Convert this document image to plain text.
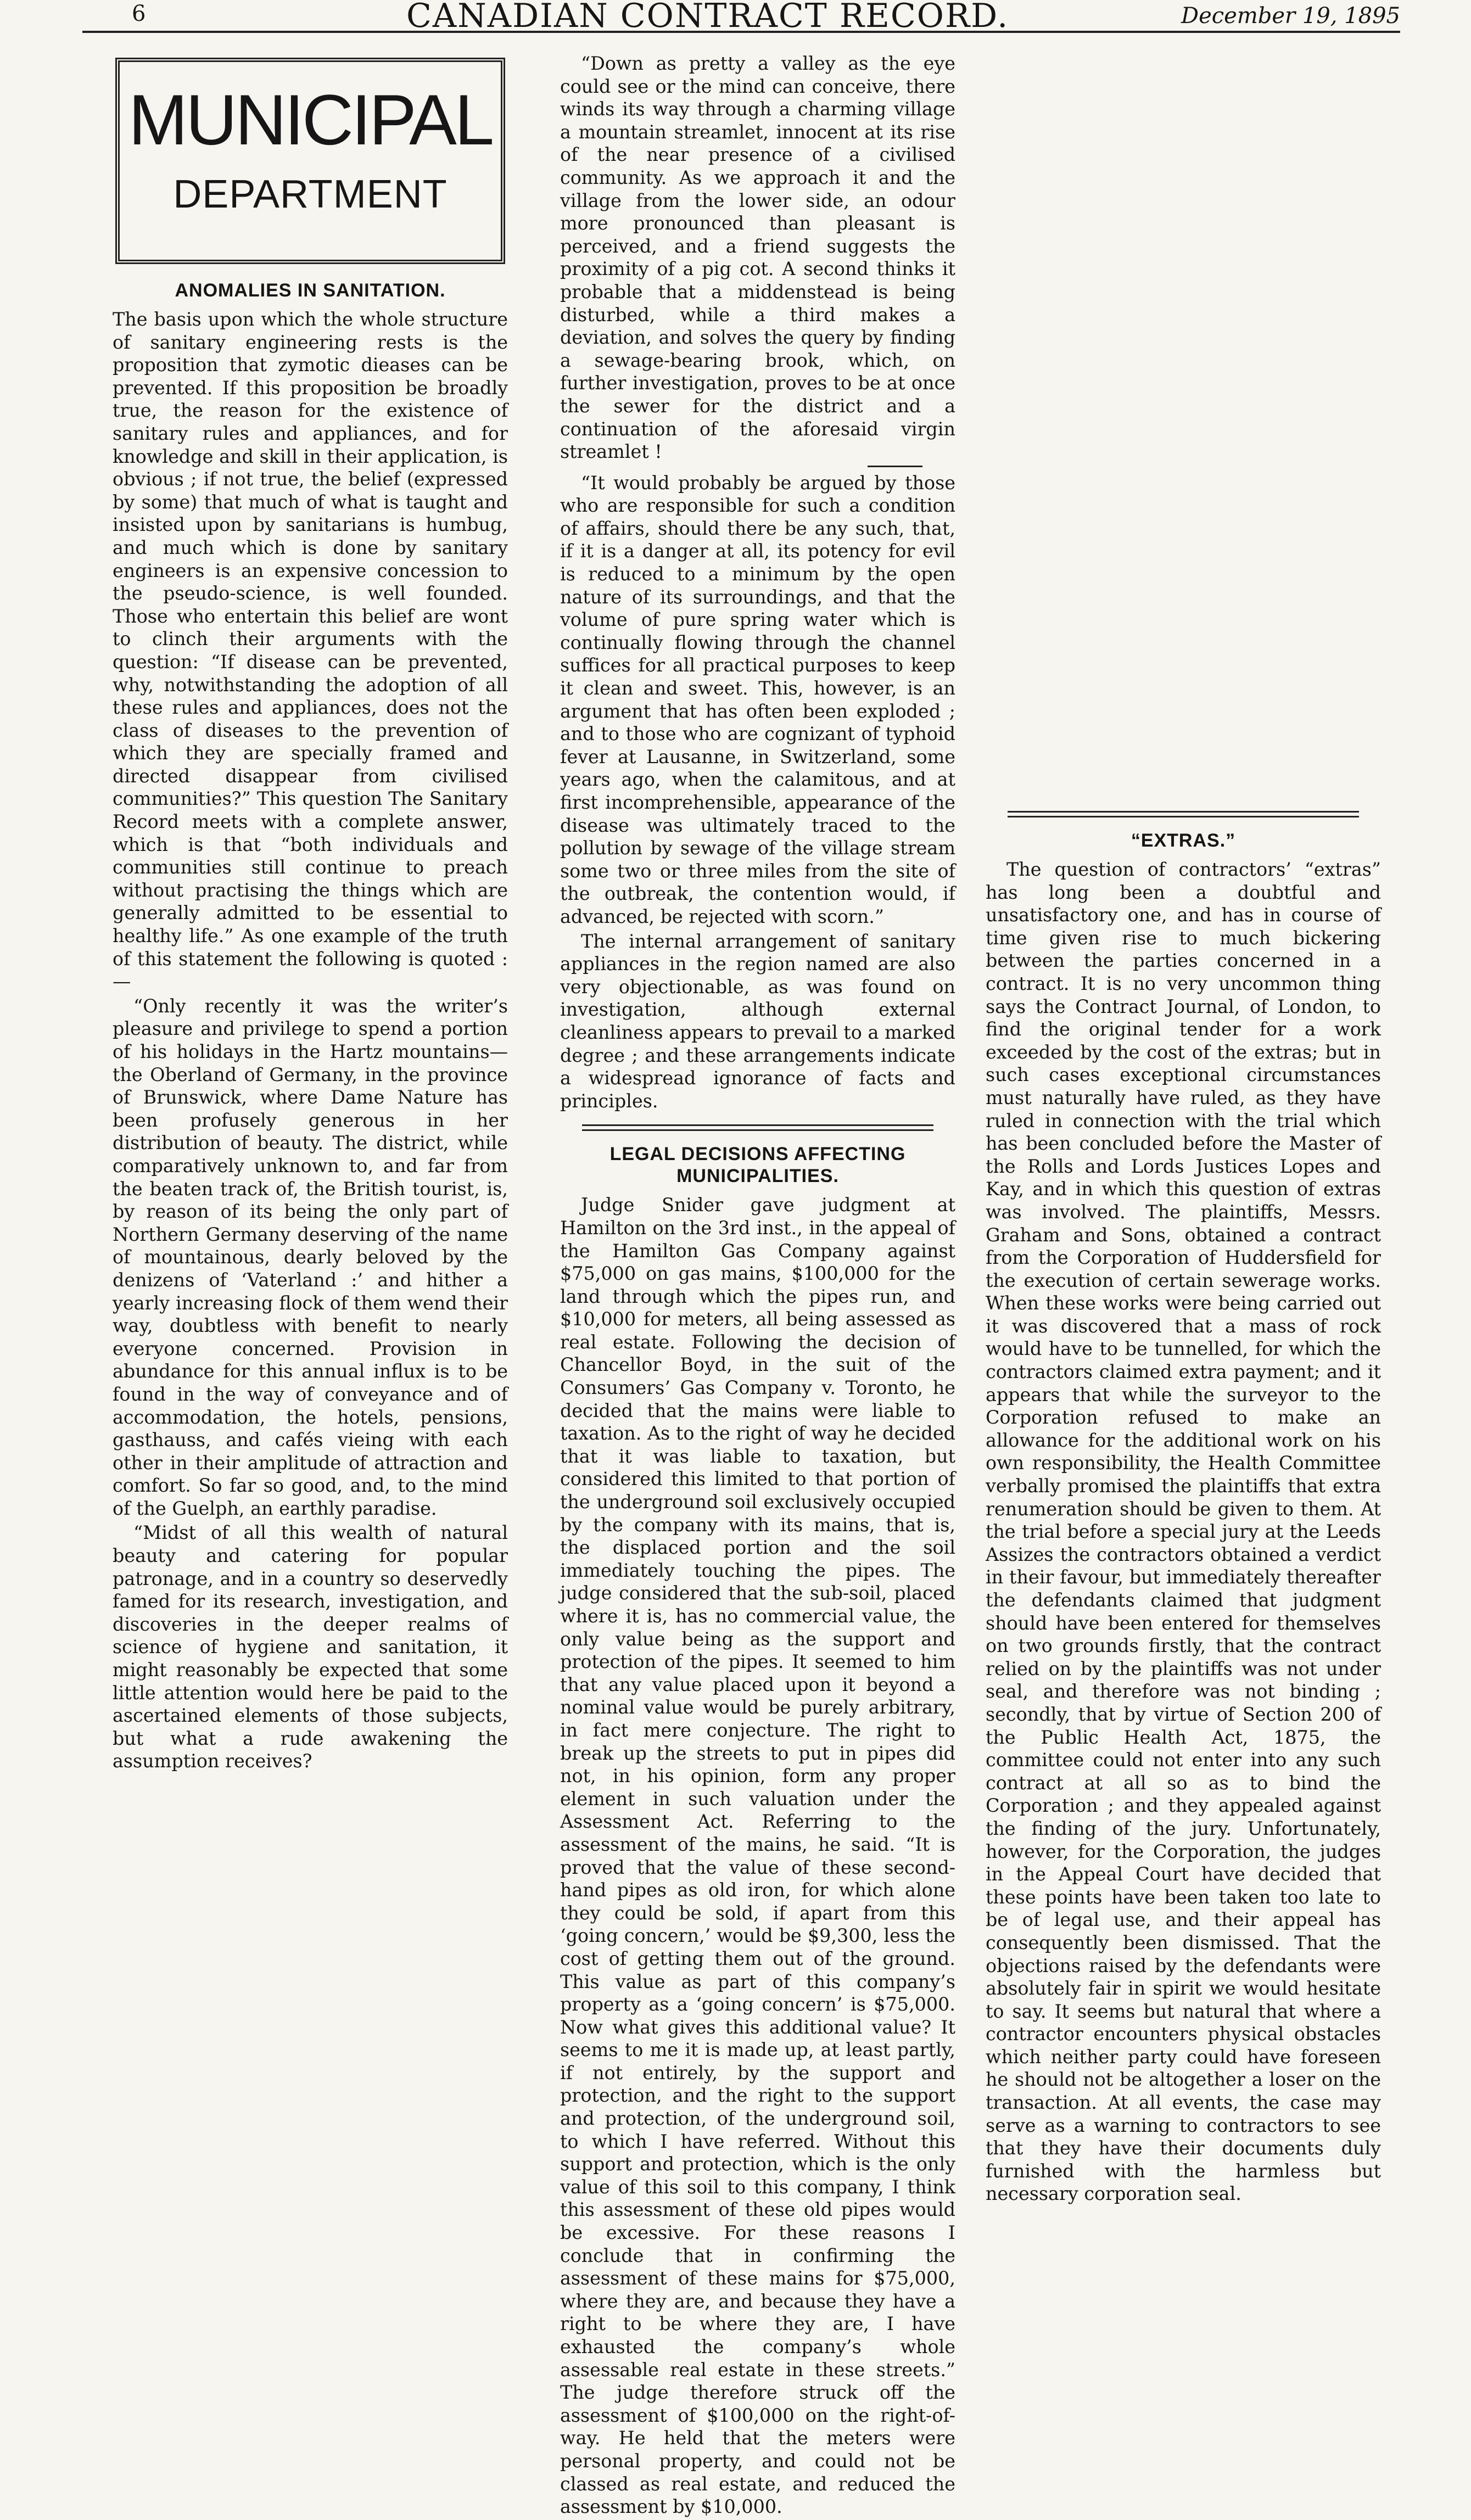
6	CANADIAN CONTRACT RECORD.	December 19, 1895
MUNICIPAL
DEPARTMENT
ANOMALIES IN SANITATION.

The basis upon which the whole structure of sanitary engineering rests is the proposition that zymotic dieases can be prevented. If this proposition be broadly true, the reason for the existence of sanitary rules and appliances, and for knowledge and skill in their application, is obvious ; if not true, the belief (expressed by some) that much of what is taught and insisted upon by sanitarians is humbug, and much which is done by sanitary engineers is an expensive concession to the pseudo-science, is well founded. Those who entertain this belief are wont to clinch their arguments with the question: “If disease can be prevented, why, notwithstanding the adoption of all these rules and appliances, does not the class of diseases to the prevention of which they are specially framed and directed disappear from civilised communities?” This question The Sanitary Record meets with a complete answer, which is that “both individuals and communities still continue to preach without practising the things which are generally admitted to be essential to healthy life.” As one example of the truth of this statement the following is quoted :—

“Only recently it was the writer’s pleasure and privilege to spend a portion of his holidays in the Hartz mountains—the Oberland of Germany, in the province of Brunswick, where Dame Nature has been profusely generous in her distribution of beauty. The district, while comparatively unknown to, and far from the beaten track of, the British tourist, is, by reason of its being the only part of Northern Germany deserving of the name of mountainous, dearly beloved by the denizens of ‘Vaterland :’ and hither a yearly increasing flock of them wend their way, doubtless with benefit to nearly everyone concerned. Provision in abundance for this annual influx is to be found in the way of conveyance and of accommodation, the hotels, pensions, gasthauss, and cafés vieing with each other in their amplitude of attraction and comfort. So far so good, and, to the mind of the Guelph, an earthly paradise.

“Midst of all this wealth of natural beauty and catering for popular patronage, and in a country so deservedly famed for its research, investigation, and discoveries in the deeper realms of science of hygiene and sanitation, it might reasonably be expected that some little attention would here be paid to the ascertained elements of those subjects, but what a rude awakening the assumption receives?

“Down as pretty a valley as the eye could see or the mind can conceive, there winds its way through a charming village a mountain streamlet, innocent at its rise of the near presence of a civilised community. As we approach it and the village from the lower side, an odour more pronounced than pleasant is perceived, and a friend suggests the proximity of a pig cot. A second thinks it probable that a middenstead is being disturbed, while a third makes a deviation, and solves the query by finding a sewage-bearing brook, which, on further investigation, proves to be at once the sewer for the district and a continuation of the aforesaid virgin streamlet !

“It would probably be argued by those who are responsible for such a condition of affairs, should there be any such, that, if it is a danger at all, its potency for evil is reduced to a minimum by the open nature of its surroundings, and that the volume of pure spring water which is continually flowing through the channel suffices for all practical purposes to keep it clean and sweet. This, however, is an argument that has often been exploded ; and to those who are cognizant of typhoid fever at Lausanne, in Switzerland, some years ago, when the calamitous, and at first incomprehensible, appearance of the disease was ultimately traced to the pollution by sewage of the village stream some two or three miles from the site of the outbreak, the contention would, if advanced, be rejected with scorn.”

The internal arrangement of sanitary appliances in the region named are also very objectionable, as was found on investigation, although external cleanliness appears to prevail to a marked degree ; and these arrangements indicate a widespread ignorance of facts and principles.

LEGAL DECISIONS AFFECTING MUNICIPALITIES.

Judge Snider gave judgment at Hamilton on the 3rd inst., in the appeal of the Hamilton Gas Company against $75,000 on gas mains, $100,000 for the land through which the pipes run, and $10,000 for meters, all being assessed as real estate. Following the decision of Chancellor Boyd, in the suit of the Consumers’ Gas Company v. Toronto, he decided that the mains were liable to taxation. As to the right of way he decided that it was liable to taxation, but considered this limited to that portion of the underground soil exclusively occupied by the company with its mains, that is, the displaced portion and the soil immediately touching the pipes. The judge considered that the sub-soil, placed where it is, has no commercial value, the only value being as the support and protection of the pipes. It seemed to him that any value placed upon it beyond a nominal value would be purely arbitrary, in fact mere conjecture. The right to break up the streets to put in pipes did not, in his opinion, form any proper element in such valuation under the Assessment Act. Referring to the assessment of the mains, he said. “It is proved that the value of these second-hand pipes as old iron, for which alone they could be sold, if apart from this ‘going concern,’ would be $9,300, less the cost of getting them out of the ground. This value as part of this company’s property as a ‘going concern’ is $75,000. Now what gives this additional value? It seems to me it is made up, at least partly, if not entirely, by the support and protection, and the right to the support and protection, of the underground soil, to which I have referred. Without this support and protection, which is the only value of this soil to this company, I think this assessment of these old pipes would be excessive. For these reasons I conclude that in confirming the assessment of these mains for $75,000, where they are, and because they have a right to be where they are, I have exhausted the company’s whole assessable real estate in these streets.” The judge therefore struck off the assessment of $100,000 on the right-of-way. He held that the meters were personal property, and could not be classed as real estate, and reduced the assessment by $10,000.

“EXTRAS.”

The question of contractors’ “extras” has long been a doubtful and unsatisfactory one, and has in course of time given rise to much bickering between the parties concerned in a contract. It is no very uncommon thing says the Contract Journal, of London, to find the original tender for a work exceeded by the cost of the extras; but in such cases exceptional circumstances must naturally have ruled, as they have ruled in connection with the trial which has been concluded before the Master of the Rolls and Lords Justices Lopes and Kay, and in which this question of extras was involved. The plaintiffs, Messrs. Graham and Sons, obtained a contract from the Corporation of Huddersfield for the execution of certain sewerage works. When these works were being carried out it was discovered that a mass of rock would have to be tunnelled, for which the contractors claimed extra payment; and it appears that while the surveyor to the Corporation refused to make an allowance for the additional work on his own responsibility, the Health Committee verbally promised the plaintiffs that extra renumeration should be given to them. At the trial before a special jury at the Leeds Assizes the contractors obtained a verdict in their favour, but immediately thereafter the defendants claimed that judgment should have been entered for themselves on two grounds firstly, that the contract relied on by the plaintiffs was not under seal, and therefore was not binding ; secondly, that by virtue of Section 200 of the Public Health Act, 1875, the committee could not enter into any such contract at all so as to bind the Corporation ; and they appealed against the finding of the jury. Unfortunately, however, for the Corporation, the judges in the Appeal Court have decided that these points have been taken too late to be of legal use, and their appeal has consequently been dismissed. That the objections raised by the defendants were absolutely fair in spirit we would hesitate to say. It seems but natural that where a contractor encounters physical obstacles which neither party could have foreseen he should not be altogether a loser on the transaction. At all events, the case may serve as a warning to contractors to see that they have their documents duly furnished with the harmless but necessary corporation seal.
